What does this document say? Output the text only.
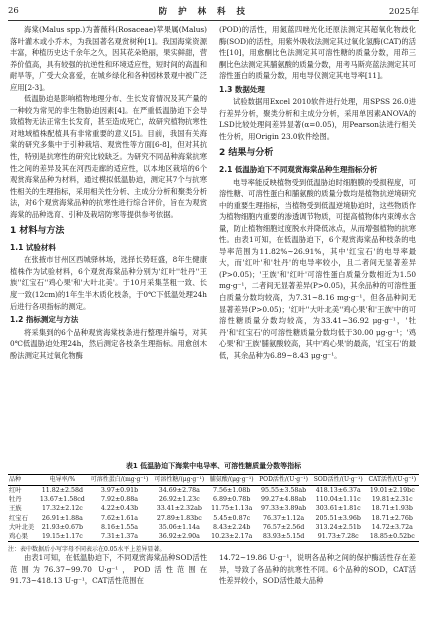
26	防 护 林 科 技	2025年

海棠(Malus spp.)为蔷薇科(Rosaceae)苹果属(Malus)落叶灌木或小乔木，为我国著名观赏树种[1]。我国海棠资源丰富，种植历史达千余年之久，因其花朵艳丽，果实鲜甜，营养价值高，具有较强的抗逆性和环境适应性，短时间的高温和耐旱等，广受大众喜爱，在城乡绿化和各种园林景观中被广泛应用[2-3]。

低温胁迫是影响植物地理分布、生长发育情况及其产量的一种较为常见的非生物胁迫因素[4]。在严重低温胁迫下会导致植物无法正常生长发育，甚至造成死亡，故研究植物抗寒性对地域植株配植具有非常重要的意义[5]。目前，我国有关海棠的研究多集中于引种栽培、观赏性等方面[6-8]，但对其抗性，特别是抗寒性的研究比较缺乏。为研究不同品种海棠抗寒性之间的差异及其在河西走廊的适应性，以本地区栽培的6个观赏海棠品种为材料，通过模拟低温胁迫，测定其7个与抗寒性相关的生理指标，采用相关性分析、主成分分析和聚类分析法，对6个观赏海棠品种的抗寒性进行综合评价，旨在为观赏海棠的品种选育、引种及栽培防寒等提供参考依据。

1 材料与方法
1.1 试验材料

在张掖市甘州区西城驿林场，选择长势旺盛，8年生健康植株作为试验材料，6个观赏海棠品种分别为'红叶''牡丹''王族''红宝石''鸡心果'和'大叶北美'。于10月采集茎粗一致、长度一致(12cm)的1年生半木质化枝条，于0℃下低温处理24h后进行各项指标的测定。

1.2 指标测定与方法

将采集到的6个品种观赏海棠枝条进行整理并编号，对其0℃低温胁迫处理24h，然后测定各枝条生理指标。用愈创木酚法测定其过氧化物酶

(POD)的活性，用氮蓝四唑光化还原法测定其超氧化物歧化酶(SOD)的活性，用紫外吸收法测定其过氧化氢酶(CAT)的活性[10]，用愈酮比色法测定其可溶性糖的质量分数，用茚三酮比色法测定其脯氨酸的质量分数，用考马斯亮蓝法测定其可溶性蛋白的质量分数，用电导仪测定其电导率[11]。

1.3 数据处理

试验数据用Excel 2010软件进行处理，用SPSS 26.0进行差异分析，聚类分析和主成分分析，采用单因素ANOVA的LSD比较处理间差异显著(α=0.05)，用Pearson法进行相关性分析，用Origin 23.0软件绘图。

2 结果与分析
2.1 低温胁迫下不同观赏海棠品种生理指标分析

电导率能反映植物受到低温胁迫时细胞膜的受损程度，可溶性糖、可溶性蛋白和脯氨酸的质量分数均是植物抗逆境研究中的重要生理指标，当植物受到低温逆境胁迫时，这些物质作为植物细胞内重要的渗透调节物质，可提高植物体内束缚水含量，防止植物细胞过度脱水并降低冰点，从而增强植物的抗寒性。由表1可知，在低温胁迫下，6个观赏海棠品种枝条的电导率范围为11.82%~26.91%，其中'红宝石'的电导率最大，而'红叶'和'牡丹'的电导率较小，且二者间无显著差异(P>0.05)；'王族'和'红叶'可溶性蛋白质量分数相近为1.50 mg·g⁻¹，二者间无显著差异(P>0.05)，其余品种的可溶性蛋白质量分数均较高，为7.31~8.16 mg·g⁻¹，但各品种间无显著差异(P>0.05)；'红叶''大叶北美''鸡心果'和'王族'中的可溶性糖质量分数均较高，为33.41~36.92 μg·g⁻¹，'牡丹'和'红宝石'的可溶性糖质量分数均低于30.00 μg·g⁻¹；'鸡心果'和'王族'脯氨酸较高，其中'鸡心果'的最高，'红宝石'的最低，其余品种为6.89~8.43 μg·g⁻¹。

表1 低温胁迫下海棠中电导率、可溶性糖质量分数等指标
品种	电导率/%	可溶性蛋白/(mg·g⁻¹)	可溶性糖/(μg·g⁻¹)	脯氨酸/(μg·g⁻¹)	POD活性/(U·g⁻¹)	SOD活性/(U·g⁻¹)	CAT活性/(U·g⁻¹)
红叶	11.82±2.58d	3.97±0.91b	34.69±2.78a	7.56±1.08b	95.55±3.58ab	418.13±6.37a	19.01±2.19bc
牡丹	13.67±1.58cd	7.92±0.88a	26.92±1.23c	6.89±0.78b	99.27±4.88ab	110.04±1.11c	19.81±2.31c
王族	17.32±2.12c	4.22±0.43b	33.41±2.32ab	11.75±1.13a	97.33±3.89ab	303.61±1.81c	18.71±1.93b
红宝石	26.91±1.88a	7.62±1.61a	27.89±1.83bc	5.45±0.87c	76.37±1.12a	205.51±3.96b	18.71±2.76b
大叶北美	21.93±0.67b	8.16±1.55a	35.06±1.14a	8.43±2.24b	76.57±2.56d	313.24±2.51b	14.72±3.72a
鸡心果	19.15±1.17c	7.31±1.37a	36.92±2.90a	10.23±2.17a	83.93±5.15d	91.73±7.28c	18.85±0.52bc
注：表中数据后小写字母不同表示在0.05水平上差异显著。

由表1可知，在低温胁迫下，不同观赏海棠品种SOD活性范围为76.37~99.70 U·g⁻¹，POD活性范围在91.73~418.13 U·g⁻¹，CAT活性范围在

14.72~19.86 U·g⁻¹，说明各品种之间的保护酶活性存在差异，导致了各品种的抗寒性不同。6个品种的SOD，CAT活性差异较小，SOD活性最大品种
